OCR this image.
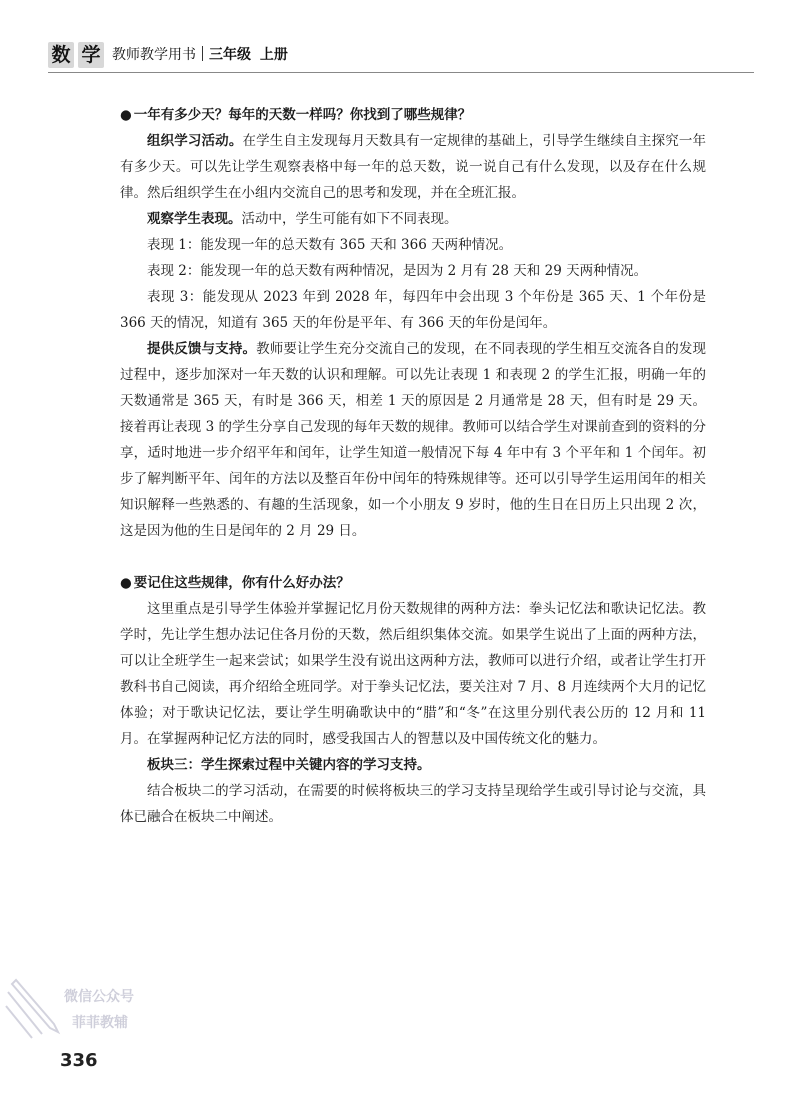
数 学 教师教学用书 三年级 上册

● 一年有多少天？每年的天数一样吗？你找到了哪些规律？

组织学习活动。在学生自主发现每月天数具有一定规律的基础上，引导学生继续自主探究一年有多少天。可以先让学生观察表格中每一年的总天数，说一说自己有什么发现，以及存在什么规律。然后组织学生在小组内交流自己的思考和发现，并在全班汇报。

观察学生表现。活动中，学生可能有如下不同表现。

表现 1：能发现一年的总天数有 365 天和 366 天两种情况。

表现 2：能发现一年的总天数有两种情况，是因为 2 月有 28 天和 29 天两种情况。

表现 3：能发现从 2023 年到 2028 年，每四年中会出现 3 个年份是 365 天、1 个年份是 366 天的情况，知道有 365 天的年份是平年、有 366 天的年份是闰年。

提供反馈与支持。教师要让学生充分交流自己的发现，在不同表现的学生相互交流各自的发现过程中，逐步加深对一年天数的认识和理解。可以先让表现 1 和表现 2 的学生汇报，明确一年的天数通常是 365 天，有时是 366 天，相差 1 天的原因是 2 月通常是 28 天，但有时是 29 天。接着再让表现 3 的学生分享自己发现的每年天数的规律。教师可以结合学生对课前查到的资料的分享，适时地进一步介绍平年和闰年，让学生知道一般情况下每 4 年中有 3 个平年和 1 个闰年。初步了解判断平年、闰年的方法以及整百年份中闰年的特殊规律等。还可以引导学生运用闰年的相关知识解释一些熟悉的、有趣的生活现象，如一个小朋友 9 岁时，他的生日在日历上只出现 2 次，这是因为他的生日是闰年的 2 月 29 日。

● 要记住这些规律，你有什么好办法？

这里重点是引导学生体验并掌握记忆月份天数规律的两种方法：拳头记忆法和歌诀记忆法。教学时，先让学生想办法记住各月份的天数，然后组织集体交流。如果学生说出了上面的两种方法，可以让全班学生一起来尝试；如果学生没有说出这两种方法，教师可以进行介绍，或者让学生打开教科书自己阅读，再介绍给全班同学。对于拳头记忆法，要关注对 7 月、8 月连续两个大月的记忆体验；对于歌诀记忆法，要让学生明确歌诀中的“腊”和“冬”在这里分别代表公历的 12 月和 11 月。在掌握两种记忆方法的同时，感受我国古人的智慧以及中国传统文化的魅力。

板块三：学生探索过程中关键内容的学习支持。

结合板块二的学习活动，在需要的时候将板块三的学习支持呈现给学生或引导讨论与交流，具体已融合在板块二中阐述。

微信公众号
菲菲教辅
336
